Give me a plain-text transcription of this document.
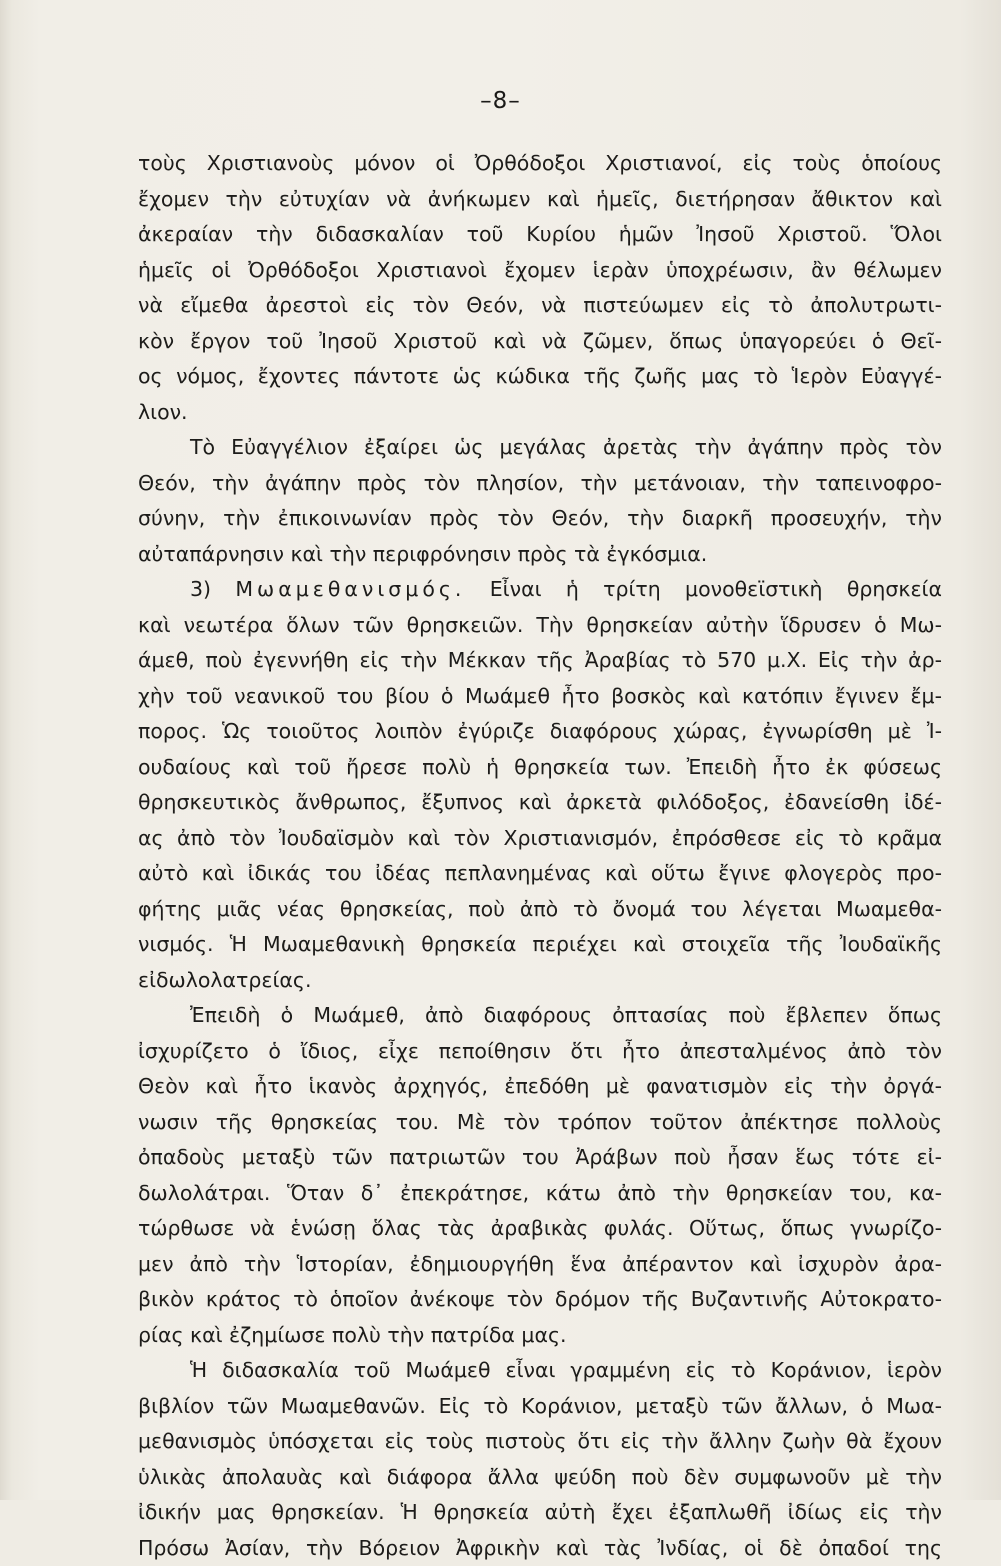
–8–
τοὺς Χριστιανοὺς μόνον οἱ Ὀρθόδοξοι Χριστιανοί, εἰς τοὺς ὁποίους
ἔχομεν τὴν εὐτυχίαν νὰ ἀνήκωμεν καὶ ἡμεῖς, διετήρησαν ἄθικτον καὶ
ἀκεραίαν τὴν διδασκαλίαν τοῦ Κυρίου ἡμῶν Ἰησοῦ Χριστοῦ. Ὅλοι
ἡμεῖς οἱ Ὀρθόδοξοι Χριστιανοὶ ἔχομεν ἱερὰν ὑποχρέωσιν, ἂν θέλωμεν
νὰ εἴμεθα ἀρεστοὶ εἰς τὸν Θεόν, νὰ πιστεύωμεν εἰς τὸ ἀπολυτρωτι-
κὸν ἔργον τοῦ Ἰησοῦ Χριστοῦ καὶ νὰ ζῶμεν, ὅπως ὑπαγορεύει ὁ Θεῖ-
ος νόμος, ἔχοντες πάντοτε ὡς κώδικα τῆς ζωῆς μας τὸ Ἱερὸν Εὐαγγέ-
λιον.
Τὸ Εὐαγγέλιον ἐξαίρει ὡς μεγάλας ἀρετὰς τὴν ἀγάπην πρὸς τὸν
Θεόν, τὴν ἀγάπην πρὸς τὸν πλησίον, τὴν μετάνοιαν, τὴν ταπεινοφρο-
σύνην, τὴν ἐπικοινωνίαν πρὸς τὸν Θεόν, τὴν διαρκῆ προσευχήν, τὴν
αὐταπάρνησιν καὶ τὴν περιφρόνησιν πρὸς τὰ ἐγκόσμια.
3) Μωαμεθανισμός. Εἶναι ἡ τρίτη μονοθεϊστικὴ θρησκεία
καὶ νεωτέρα ὅλων τῶν θρησκειῶν. Τὴν θρησκείαν αὐτὴν ἵδρυσεν ὁ Μω-
άμεθ, ποὺ ἐγεννήθη εἰς τὴν Μέκκαν τῆς Ἀραβίας τὸ 570 μ.Χ. Εἰς τὴν ἀρ-
χὴν τοῦ νεανικοῦ του βίου ὁ Μωάμεθ ἦτο βοσκὸς καὶ κατόπιν ἔγινεν ἔμ-
πορος. Ὡς τοιοῦτος λοιπὸν ἐγύριζε διαφόρους χώρας, ἐγνωρίσθη μὲ Ἰ-
ουδαίους καὶ τοῦ ἤρεσε πολὺ ἡ θρησκεία των. Ἐπειδὴ ἦτο ἐκ φύσεως
θρησκευτικὸς ἄνθρωπος, ἔξυπνος καὶ ἀρκετὰ φιλόδοξος, ἐδανείσθη ἰδέ-
ας ἀπὸ τὸν Ἰουδαϊσμὸν καὶ τὸν Χριστιανισμόν, ἐπρόσθεσε εἰς τὸ κρᾶμα
αὐτὸ καὶ ἰδικάς του ἰδέας πεπλανημένας καὶ οὕτω ἔγινε φλογερὸς προ-
φήτης μιᾶς νέας θρησκείας, ποὺ ἀπὸ τὸ ὄνομά του λέγεται Μωαμεθα-
νισμός. Ἡ Μωαμεθανικὴ θρησκεία περιέχει καὶ στοιχεῖα τῆς Ἰουδαϊκῆς
εἰδωλολατρείας.
Ἐπειδὴ ὁ Μωάμεθ, ἀπὸ διαφόρους ὀπτασίας ποὺ ἔβλεπεν ὅπως
ἰσχυρίζετο ὁ ἴδιος, εἶχε πεποίθησιν ὅτι ἦτο ἀπεσταλμένος ἀπὸ τὸν
Θεὸν καὶ ἦτο ἱκανὸς ἀρχηγός, ἐπεδόθη μὲ φανατισμὸν εἰς τὴν ὀργά-
νωσιν τῆς θρησκείας του. Μὲ τὸν τρόπον τοῦτον ἀπέκτησε πολλοὺς
ὀπαδοὺς μεταξὺ τῶν πατριωτῶν του Ἀράβων ποὺ ἦσαν ἕως τότε εἰ-
δωλολάτραι. Ὅταν δ᾽ ἐπεκράτησε, κάτω ἀπὸ τὴν θρησκείαν του, κα-
τώρθωσε νὰ ἑνώσῃ ὅλας τὰς ἀραβικὰς φυλάς. Οὕτως, ὅπως γνωρίζο-
μεν ἀπὸ τὴν Ἱστορίαν, ἐδημιουργήθη ἕνα ἀπέραντον καὶ ἰσχυρὸν ἀρα-
βικὸν κράτος τὸ ὁποῖον ἀνέκοψε τὸν δρόμον τῆς Βυζαντινῆς Αὐτοκρατο-
ρίας καὶ ἐζημίωσε πολὺ τὴν πατρίδα μας.
Ἡ διδασκαλία τοῦ Μωάμεθ εἶναι γραμμένη εἰς τὸ Κοράνιον, ἱερὸν
βιβλίον τῶν Μωαμεθανῶν. Εἰς τὸ Κοράνιον, μεταξὺ τῶν ἄλλων, ὁ Μωα-
μεθανισμὸς ὑπόσχεται εἰς τοὺς πιστοὺς ὅτι εἰς τὴν ἄλλην ζωὴν θὰ ἔχουν
ὑλικὰς ἀπολαυὰς καὶ διάφορα ἄλλα ψεύδη ποὺ δὲν συμφωνοῦν μὲ τὴν
ἰδικήν μας θρησκείαν. Ἡ θρησκεία αὐτὴ ἔχει ἐξαπλωθῆ ἰδίως εἰς τὴν
Πρόσω Ἀσίαν, τὴν Βόρειον Ἀφρικὴν καὶ τὰς Ἰνδίας, οἱ δὲ ὀπαδοί της
